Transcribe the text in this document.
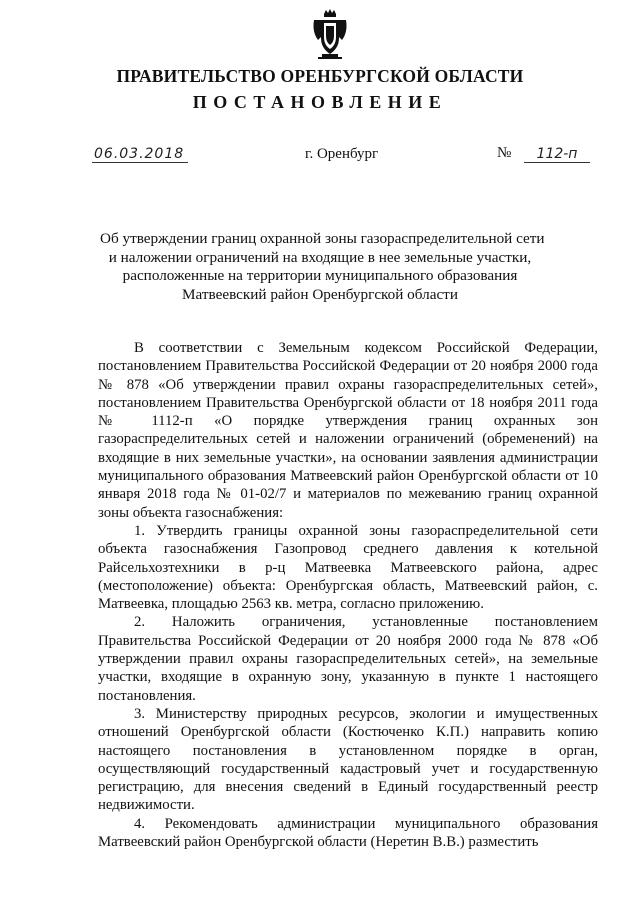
ПРАВИТЕЛЬСТВО ОРЕНБУРГСКОЙ ОБЛАСТИ
ПОСТАНОВЛЕНИЕ
06.03.2018	г. Оренбург	№	112-п
Об утверждении границ охранной зоны газораспределительной сети
и наложении ограничений на входящие в нее земельные участки,
расположенные на территории муниципального образования
Матвеевский район Оренбургской области

В соответствии с Земельным кодексом Российской Федерации, постановлением Правительства Российской Федерации от 20 ноября 2000 года № 878 «Об утверждении правил охраны газораспределительных сетей», постановлением Правительства Оренбургской области от 18 ноября 2011 года № 1112-п «О порядке утверждения границ охранных зон газораспределительных сетей и наложении ограничений (обременений) на входящие в них земельные участки», на основании заявления администрации муниципального образования Матвеевский район Оренбургской области от 10 января 2018 года № 01-02/7 и материалов по межеванию границ охранной зоны объекта газоснабжения:

1. Утвердить границы охранной зоны газораспределительной сети объекта газоснабжения Газопровод среднего давления к котельной Райсельхозтехники в р-ц Матвеевка Матвеевского района, адрес (местоположение) объекта: Оренбургская область, Матвеевский район, с. Матвеевка, площадью 2563 кв. метра, согласно приложению.

2. Наложить ограничения, установленные постановлением Правительства Российской Федерации от 20 ноября 2000 года № 878 «Об утверждении правил охраны газораспределительных сетей», на земельные участки, входящие в охранную зону, указанную в пункте 1 настоящего постановления.

3. Министерству природных ресурсов, экологии и имущественных отношений Оренбургской области (Костюченко К.П.) направить копию настоящего постановления в установленном порядке в орган, осуществляющий государственный кадастровый учет и государственную регистрацию, для внесения сведений в Единый государственный реестр недвижимости.

4. Рекомендовать администрации муниципального образования Матвеевский район Оренбургской области (Неретин В.В.) разместить
